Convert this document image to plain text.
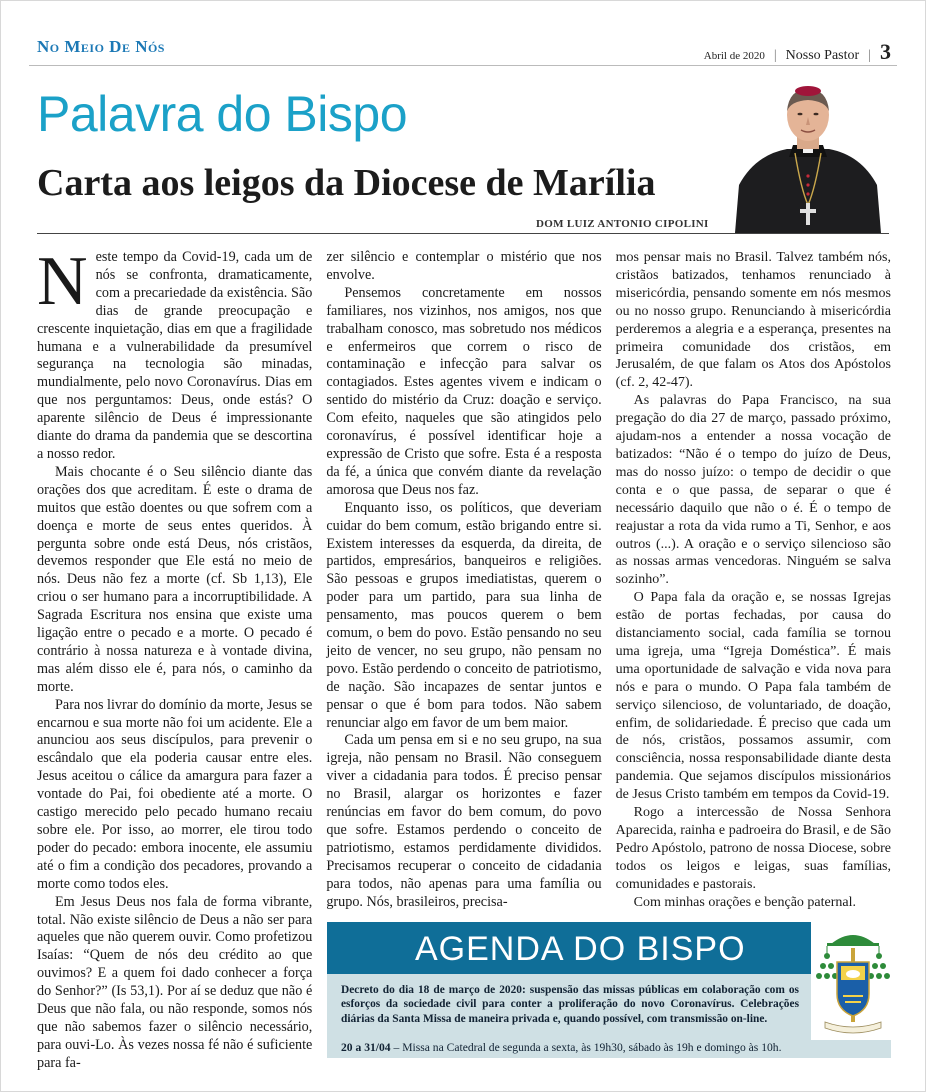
No Meio De Nós	Abril de 2020 | Nosso Pastor | 3
Palavra do Bispo
Carta aos leigos da Diocese de Marília
DOM LUIZ ANTONIO CIPOLINI
N este tempo da Covid-19, cada um de nós se confronta, dramaticamente, com a precariedade da existência. São dias de grande preocupação e crescente inquietação, dias em que a fragilidade humana e a vulnerabilidade da presumível segurança na tecnologia são minadas, mundialmente, pelo novo Coronavírus. Dias em que nos perguntamos: Deus, onde estás? O aparente silêncio de Deus é impressionante diante do drama da pandemia que se descortina a nosso redor.

Mais chocante é o Seu silêncio diante das orações dos que acreditam. É este o drama de muitos que estão doentes ou que sofrem com a doença e morte de seus entes queridos. À pergunta sobre onde está Deus, nós cristãos, devemos responder que Ele está no meio de nós. Deus não fez a morte (cf. Sb 1,13), Ele criou o ser humano para a incorruptibilidade. A Sagrada Escritura nos ensina que existe uma ligação entre o pecado e a morte. O pecado é contrário à nossa natureza e à vontade divina, mas além disso ele é, para nós, o caminho da morte.

Para nos livrar do domínio da morte, Jesus se encarnou e sua morte não foi um acidente. Ele a anunciou aos seus discípulos, para prevenir o escândalo que ela poderia causar entre eles. Jesus aceitou o cálice da amargura para fazer a vontade do Pai, foi obediente até a morte. O castigo merecido pelo pecado humano recaiu sobre ele. Por isso, ao morrer, ele tirou todo poder do pecado: embora inocente, ele assumiu até o fim a condição dos pecadores, provando a morte como todos eles.

Em Jesus Deus nos fala de forma vibrante, total. Não existe silêncio de Deus a não ser para aqueles que não querem ouvir. Como profetizou Isaías: “Quem de nós deu crédito ao que ouvimos? E a quem foi dado conhecer a força do Senhor?” (Is 53,1). Por aí se deduz que não é Deus que não fala, ou não responde, somos nós que não sabemos fazer o silêncio necessário, para ouvi-Lo. Às vezes nossa fé não é suficiente para fa-

zer silêncio e contemplar o mistério que nos envolve.

Pensemos concretamente em nossos familiares, nos vizinhos, nos amigos, nos que trabalham conosco, mas sobretudo nos médicos e enfermeiros que correm o risco de contaminação e infecção para salvar os contagiados. Estes agentes vivem e indicam o sentido do mistério da Cruz: doação e serviço. Com efeito, naqueles que são atingidos pelo coronavírus, é possível identificar hoje a expressão de Cristo que sofre. Esta é a resposta da fé, a única que convém diante da revelação amorosa que Deus nos faz.

Enquanto isso, os políticos, que deveriam cuidar do bem comum, estão brigando entre si. Existem interesses da esquerda, da direita, de partidos, empresários, banqueiros e religiões. São pessoas e grupos imediatistas, querem o poder para um partido, para sua linha de pensamento, mas poucos querem o bem comum, o bem do povo. Estão pensando no seu jeito de vencer, no seu grupo, não pensam no povo. Estão perdendo o conceito de patriotismo, de nação. São incapazes de sentar juntos e pensar o que é bom para todos. Não sabem renunciar algo em favor de um bem maior.

Cada um pensa em si e no seu grupo, na sua igreja, não pensam no Brasil. Não conseguem viver a cidadania para todos. É preciso pensar no Brasil, alargar os horizontes e fazer renúncias em favor do bem comum, do povo que sofre. Estamos perdendo o conceito de patriotismo, estamos perdidamente divididos. Precisamos recuperar o conceito de cidadania para todos, não apenas para uma família ou grupo. Nós, brasileiros, precisa-

mos pensar mais no Brasil. Talvez também nós, cristãos batizados, tenhamos renunciado à misericórdia, pensando somente em nós mesmos ou no nosso grupo. Renunciando à misericórdia perderemos a alegria e a esperança, presentes na primeira comunidade dos cristãos, em Jerusalém, de que falam os Atos dos Apóstolos (cf. 2, 42-47).

As palavras do Papa Francisco, na sua pregação do dia 27 de março, passado próximo, ajudam-nos a entender a nossa vocação de batizados: “Não é o tempo do juízo de Deus, mas do nosso juízo: o tempo de decidir o que conta e o que passa, de separar o que é necessário daquilo que não o é. É o tempo de reajustar a rota da vida rumo a Ti, Senhor, e aos outros (...). A oração e o serviço silencioso são as nossas armas vencedoras. Ninguém se salva sozinho”.

O Papa fala da oração e, se nossas Igrejas estão de portas fechadas, por causa do distanciamento social, cada família se tornou uma igreja, uma “Igreja Doméstica”. É mais uma oportunidade de salvação e vida nova para nós e para o mundo. O Papa fala também de serviço silencioso, de voluntariado, de doação, enfim, de solidariedade. É preciso que cada um de nós, cristãos, possamos assumir, com consciência, nossa responsabilidade diante desta pandemia. Que sejamos discípulos missionários de Jesus Cristo também em tempos da Covid-19.

Rogo a intercessão de Nossa Senhora Aparecida, rainha e padroeira do Brasil, e de São Pedro Apóstolo, patrono de nossa Diocese, sobre todos os leigos e leigas, suas famílias, comunidades e pastorais.

Com minhas orações e benção paternal.

AGENDA DO BISPO
Decreto do dia 18 de março de 2020: suspensão das missas públicas em colaboração com os esforços da sociedade civil para conter a proliferação do novo Coronavírus. Celebrações diárias da Santa Missa de maneira privada e, quando possível, com transmissão on-line.
20 a 31/04 – Missa na Catedral de segunda a sexta, às 19h30, sábado às 19h e domingo às 10h.
